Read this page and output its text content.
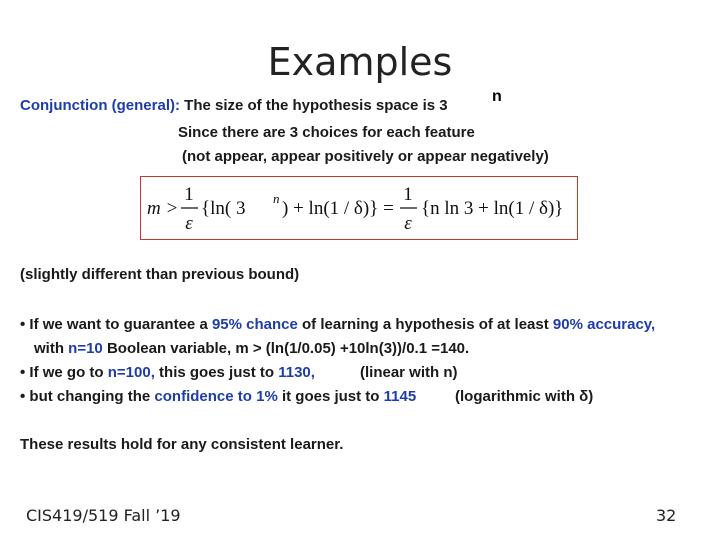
Examples
Conjunction (general): The size of the hypothesis space is 3
n
Since there are 3 choices for each feature
(not appear, appear positively or appear negatively)
m >
1
ε
{ln( 3 n ) + ln(1 / δ)} =
1
ε
{n ln 3 + ln(1 / δ)}
(slightly different than previous bound)
• If we want to guarantee a 95% chance of learning a hypothesis of at least 90% accuracy,
with n=10 Boolean variable, m > (ln(1/0.05) +10ln(3))/0.1 =140.
• If we go to n=100, this goes just to 1130,	(linear with n)
• but changing the confidence to 1% it goes just to 1145	(logarithmic with δ)
These results hold for any consistent learner.
CIS419/519 Fall ’19	32
